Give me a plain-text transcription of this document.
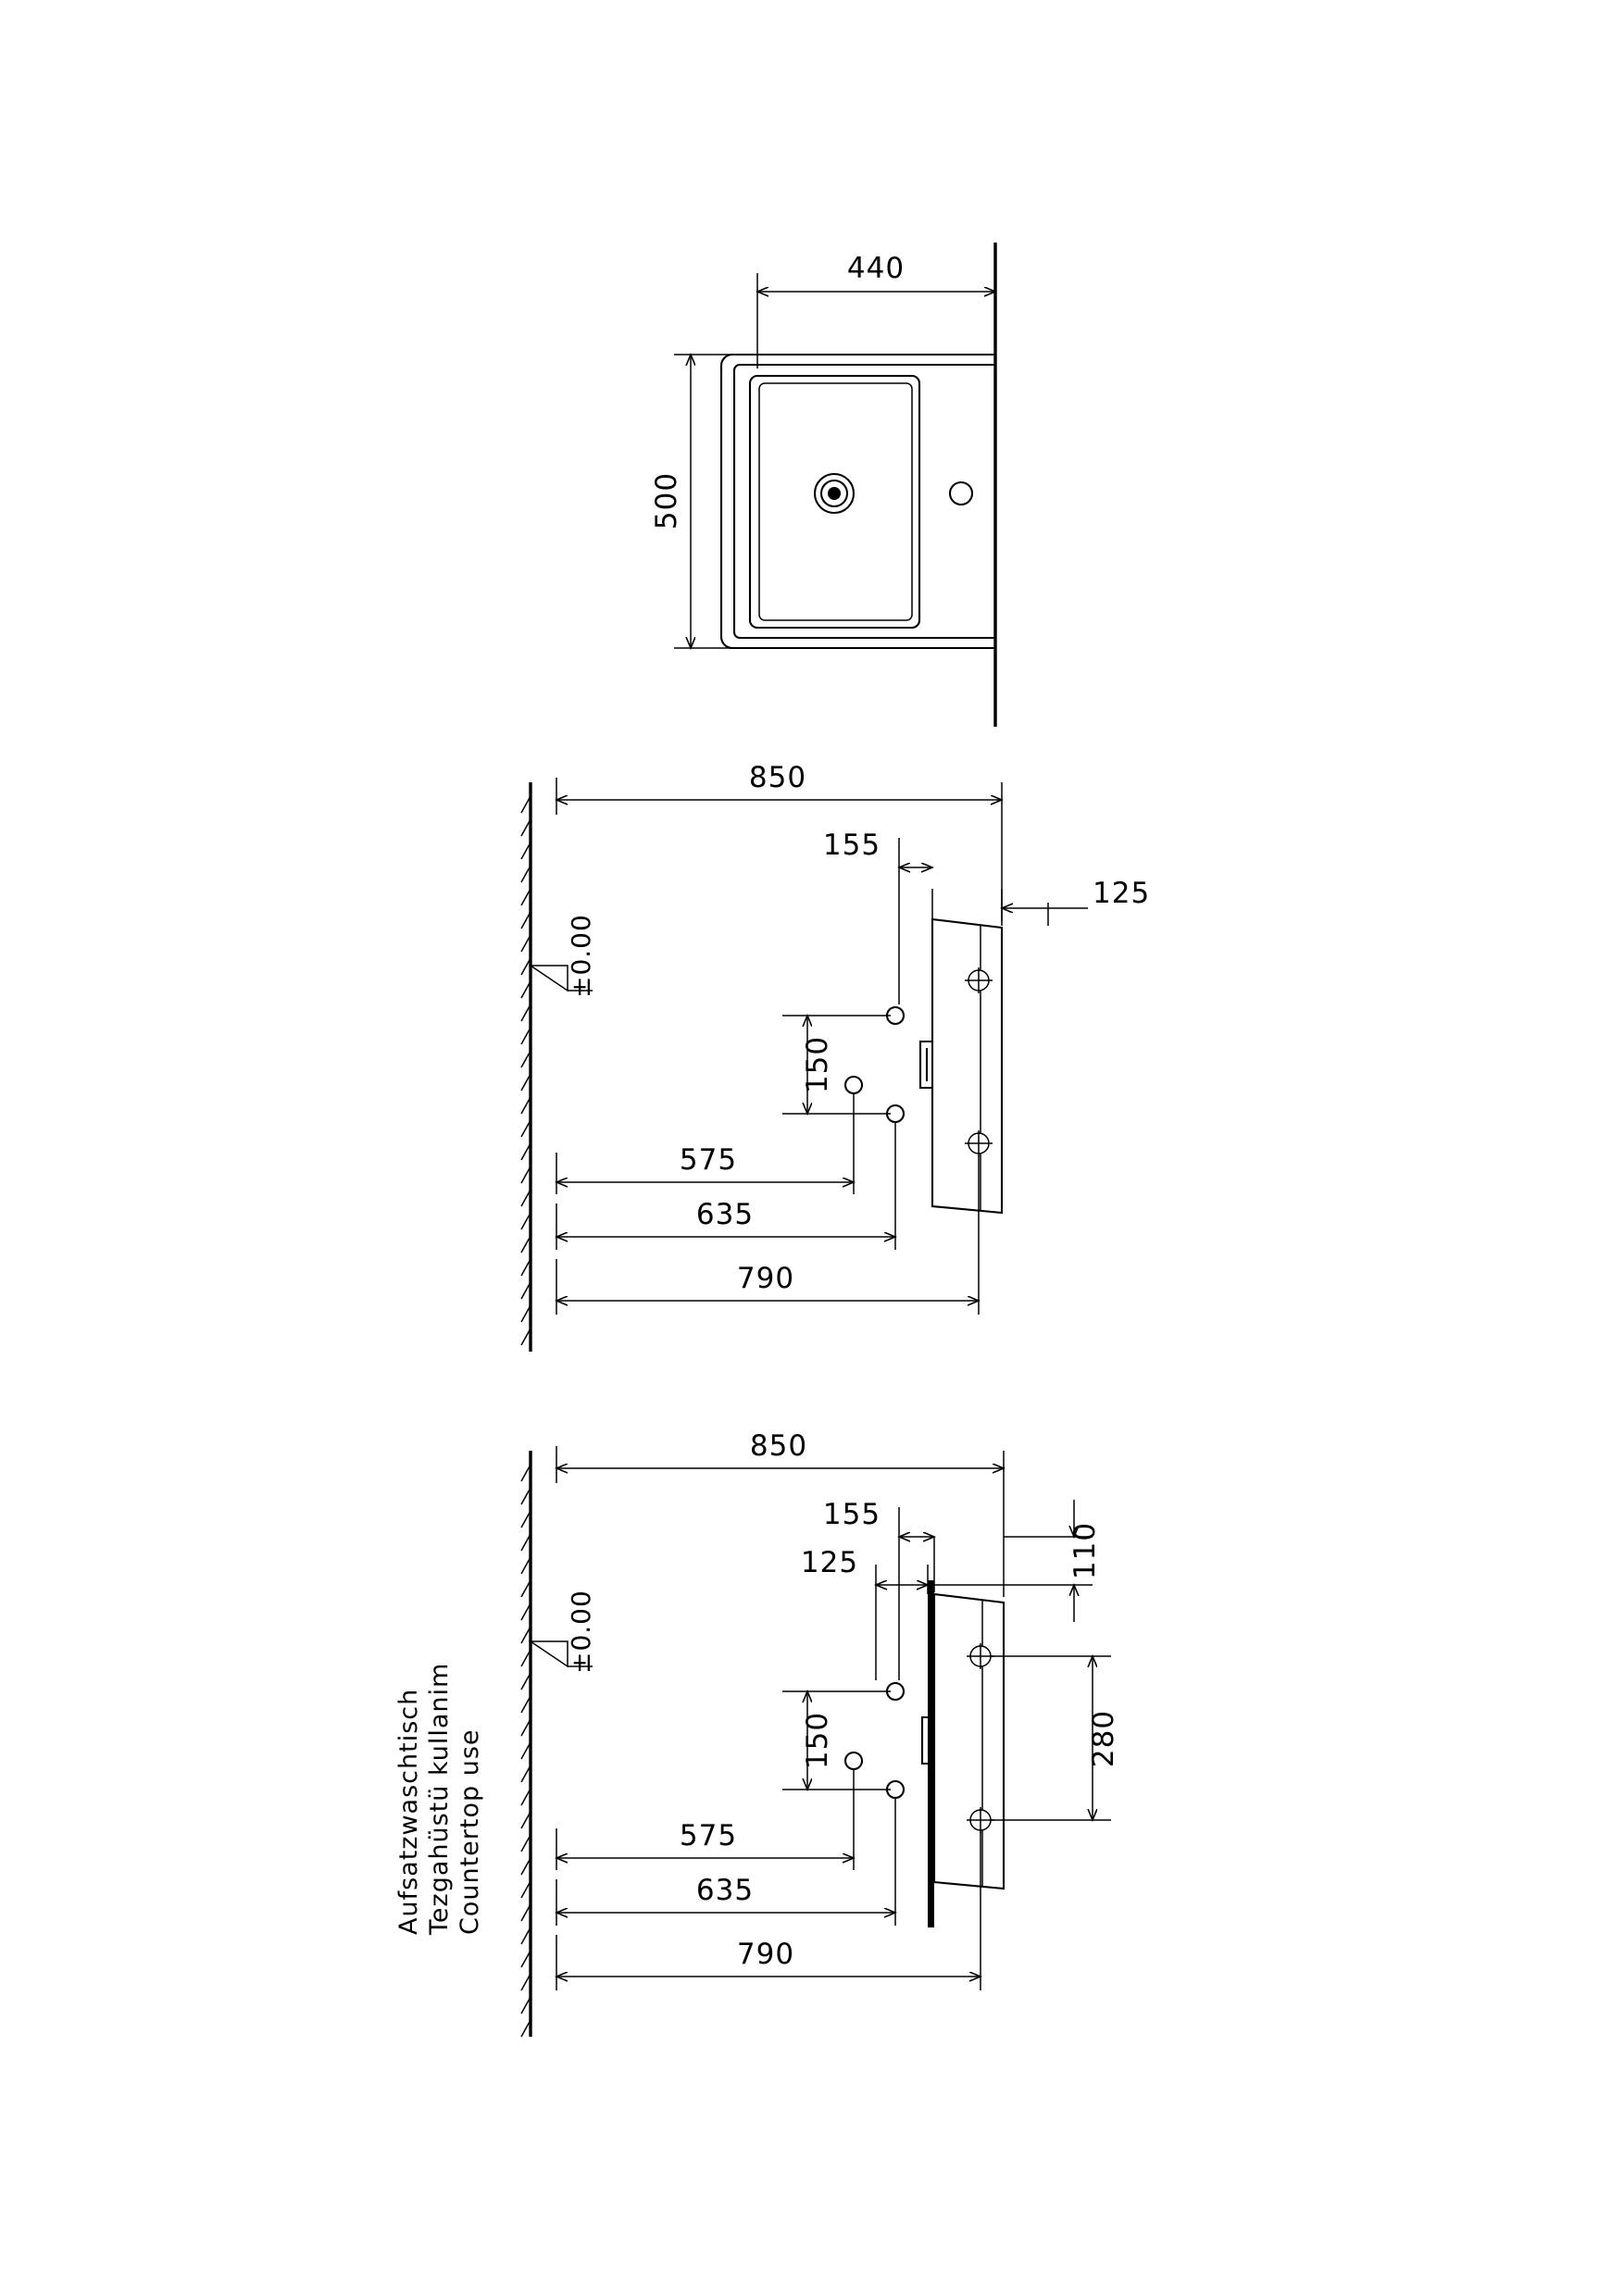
440
500
±0.00
850
155
125
150
575
635
790
±0.00
Countertop use
Tezgahüstü kullanim
Aufsatzwaschtisch
850
155
125	110
150	280
575
635
790
